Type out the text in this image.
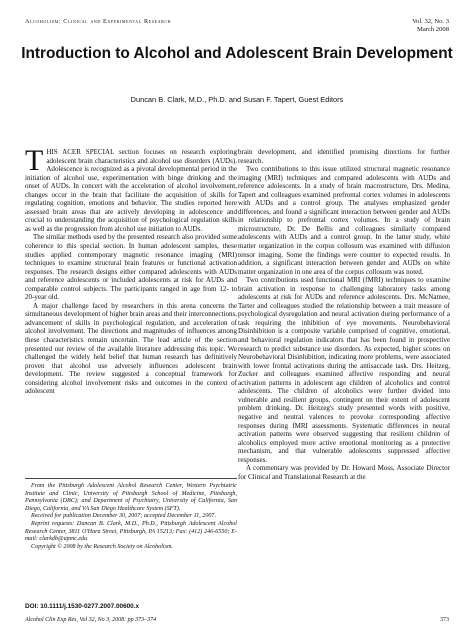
Alcoholism: Clinical and Experimental Research	Vol. 32, No. 3
March 2008
Introduction to Alcohol and Adolescent Brain Development
Duncan B. Clark, M.D., Ph.D. and Susan F. Tapert, Guest Editors

THIS ACER SPECIAL section focuses on research exploring adolescent brain characteristics and alcohol use disorders (AUDs). Adolescence is recognized as a pivotal developmental period in the initiation of alcohol use, experimentation with binge drinking and the onset of AUDs. In concert with the acceleration of alcohol involvement, changes occur in the brain that facilitate the acquisition of skills for regulating cognition, emotions and behavior. The studies reported here assessed brain areas that are actively developing in adolescence and crucial to understanding the acquisition of psychological regulation skills as well as the progression from alcohol use initiation to AUDs.

The similar methods used by the presented research also provided some coherence to this special section. In human adolescent samples, these studies applied contemporary magnetic resonance imaging (MRI) techniques to examine structural brain features or functional activation responses. The research designs either compared adolescents with AUDs and reference adolescents or included adolescents at risk for AUDs and comparable control subjects. The participants ranged in age from 12- to 20-year old.

A major challenge faced by researchers in this arena concerns the simultaneous development of higher brain areas and their interconnections, advancement of skills in psychological regulation, and acceleration of alcohol involvement. The directions and magnitudes of influences among these characteristics remain uncertain. The lead article of the section presented our review of the available literature addressing this topic. We challenged the widely held belief that human research has definitively proven that alcohol use adversely influences adolescent brain development. The review suggested a conceptual framework for considering alcohol involvement risks and outcomes in the context of adolescent

brain development, and identified promising directions for further research.

Two contributions to this issue utilized structural magnetic resonance imaging (MRI) techniques and compared adolescents with AUDs and reference adolescents. In a study of brain macrostructure, Drs. Medina, Tapert and colleagues examined prefrontal cortex volumes in adolescents with AUDs and a control group. The analyses emphasized gender differences, and found a significant interaction between gender and AUDs in relationship to prefrontal cortex volumes. In a study of brain microstructure, Dr. De Bellis and colleagues similarly compared adolescents with AUDs and a control group. In the latter study, white matter organization in the corpus collosum was examined with diffusion tensor imaging. Some the findings were counter to expected results. In addition, a significant interaction between gender and AUDs on white matter organization in one area of the corpus collosum was noted.

Two contributions used functional MRI (fMRI) techniques to examine brain activation in response to challenging laboratory tasks among adolescents at risk for AUDs and reference adolescents. Drs. McNamee, Tarter and colleagues studied the relationship between a trait measure of psychological dysregulation and neural activation during performance of a task requiring the inhibition of eye movements. Neurobehavioral Disinhibition is a composite variable comprised of cognitive, emotional, and behavioral regulation indicators that has been found in prospective research to predict substance use disorders. As expected, higher scores on Neurobehavioral Disinhibition, indicating more problems, were associated with lower frontal activations during the antisaccade task. Drs. Heitzeg, Zucker and colleagues examined affective responding and neural activation patterns in adolescent age children of alcoholics and control adolescents. The children of alcoholics were further divided into vulnerable and resilient groups, contingent on their extent of adolescent problem drinking. Dr. Heitzeg's study presented words with positive, negative and neutral valences to provoke corresponding affective responses during fMRI assessments. Systematic differences in neural activation patterns were observed suggesting that resilient children of alcoholics employed more active emotional monitoring as a protective mechanism, and that vulnerable adolescents suppressed affective responses.

A commentary was provided by Dr. Howard Moss, Associate Director for Clinical and Translational Research at the

From the Pittsburgh Adolescent Alcohol Research Center, Western Psychiatric Institute and Clinic, University of Pittsburgh School of Medicine, Pittsburgh, Pennsylvania (DBC); and Department of Psychiatry, University of California, San Diego, California, and VA San Diego Healthcare System (SFT).

Received for publication December 30, 2007; accepted December 11, 2007.

Reprint requests: Duncan B. Clark, M.D., Ph.D., Pittsburgh Adolescent Alcohol Research Center, 3811 O'Hara Street, Pittsburgh, PA 15213; Fax: (412) 246-6550; E-mail: clarkdb@upmc.edu

Copyright © 2008 by the Research Society on Alcoholism.

DOI: 10.1111/j.1530-0277.2007.00600.x
Alcohol Clin Exp Res, Vol 32, No 3, 2008: pp 373–374	373
